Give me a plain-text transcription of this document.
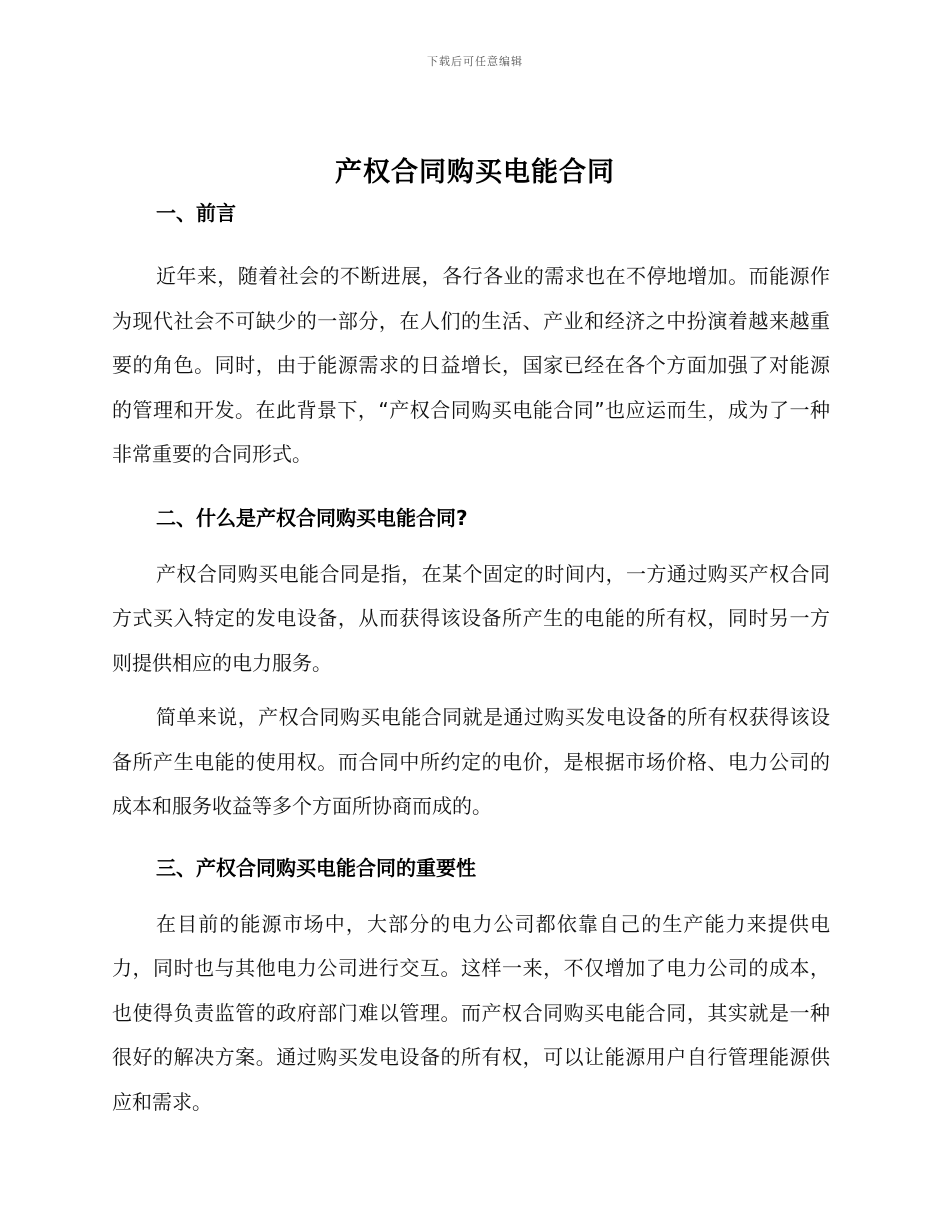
下载后可任意编辑
产权合同购买电能合同
一、前言

近年来，随着社会的不断进展，各行各业的需求也在不停地增加。而能源作为现代社会不可缺少的一部分，在人们的生活、产业和经济之中扮演着越来越重要的角色。同时，由于能源需求的日益增长，国家已经在各个方面加强了对能源的管理和开发。在此背景下，“产权合同购买电能合同”也应运而生，成为了一种非常重要的合同形式。

二、什么是产权合同购买电能合同?

产权合同购买电能合同是指，在某个固定的时间内，一方通过购买产权合同方式买入特定的发电设备，从而获得该设备所产生的电能的所有权，同时另一方则提供相应的电力服务。

简单来说，产权合同购买电能合同就是通过购买发电设备的所有权获得该设备所产生电能的使用权。而合同中所约定的电价，是根据市场价格、电力公司的成本和服务收益等多个方面所协商而成的。

三、产权合同购买电能合同的重要性

在目前的能源市场中，大部分的电力公司都依靠自己的生产能力来提供电力，同时也与其他电力公司进行交互。这样一来，不仅增加了电力公司的成本，也使得负责监管的政府部门难以管理。而产权合同购买电能合同，其实就是一种很好的解决方案。通过购买发电设备的所有权，可以让能源用户自行管理能源供应和需求。
